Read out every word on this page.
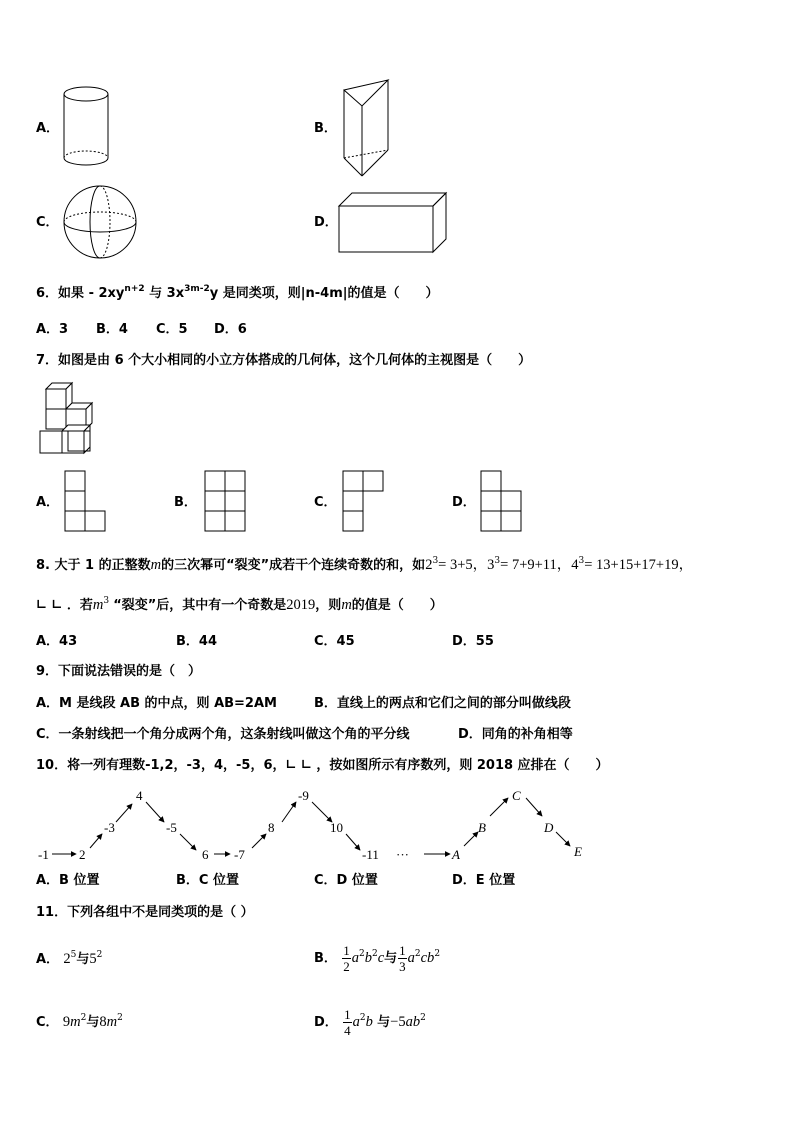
A．	B．
C．	D．
6．如果 - $2xy^{n+2}$ 与 $3x^{3m-2}y$ 是同类项，则|n-4m|的值是（　　）
A．3 B．4 C．5 D．6
7．如图是由 6 个大小相同的小立方体搭成的几何体，这个几何体的主视图是（　　）
A．	B．	C．	D．
8. 大于 1 的正整数m的三次幂可“裂变”成若干个连续奇数的和，如$2^3= 3+5$，$3^3= 7+9+11$，$4^3= 13+15+17+19$，
∟ ∟ ．若$m^3$ “裂变”后，其中有一个奇数是2019，则m的值是（　　）
A．43	B．44	C．45	D．55
9．下面说法错误的是（　）
A．M 是线段 AB 的中点，则 AB=2AM	B．直线上的两点和它们之间的部分叫做线段
C．一条射线把一个角分成两个角，这条射线叫做这个角的平分线	D．同角的补角相等
10．将一列有理数-1,2，-3，4，-5，6，∟ ∟ ，按如图所示有序数列，则 2018 应排在（　　）
-1 2
-3
4
-5
6 -7
8
-9
10
-11 ···	A
B
C
D
E
A．B 位置	B．C 位置	C．D 位置	D．E 位置
11．下列各组中不是同类项的是（ ）
A． $2^5$与$5^2$	B． $\frac{1}{2} a^2b^2c$与 $\frac{1}{3} a^2cb^2$
C． $9m^2$与$8m^2$	D． $\frac{1}{4} a^2b$ 与$-5ab^2$
